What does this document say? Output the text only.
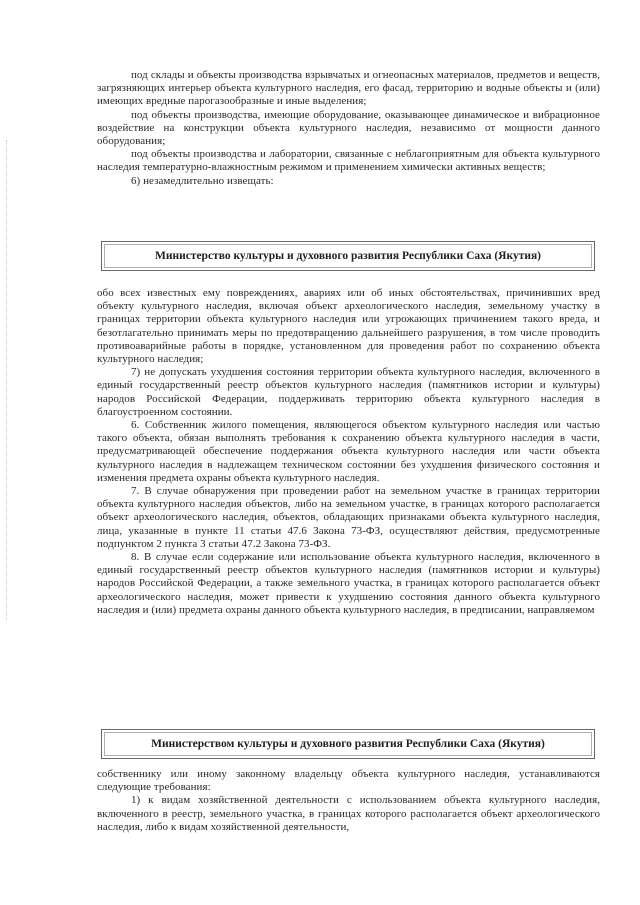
под склады и объекты производства взрывчатых и огнеопасных материалов, предметов и веществ, загрязняющих интерьер объекта культурного наследия, его фасад, территорию и водные объекты и (или) имеющих вредные парогазообразные и иные выделения;

под объекты производства, имеющие оборудование, оказывающее динамическое и вибрационное воздействие на конструкции объекта культурного наследия, независимо от мощности данного оборудования;

под объекты производства и лаборатории, связанные с неблагоприятным для объекта культурного наследия температурно-влажностным режимом и применением химически активных веществ;

6) незамедлительно извещать:

Министерство культуры и духовного развития Республики Саха (Якутия)

обо всех известных ему повреждениях, авариях или об иных обстоятельствах, причинивших вред объекту культурного наследия, включая объект археологического наследия, земельному участку в границах территории объекта культурного наследия или угрожающих причинением такого вреда, и безотлагательно принимать меры по предотвращению дальнейшего разрушения, в том числе проводить противоаварийные работы в порядке, установленном для проведения работ по сохранению объекта культурного наследия;

7) не допускать ухудшения состояния территории объекта культурного наследия, включенного в единый государственный реестр объектов культурного наследия (памятников истории и культуры) народов Российской Федерации, поддерживать территорию объекта культурного наследия в благоустроенном состоянии.

6. Собственник жилого помещения, являющегося объектом культурного наследия или частью такого объекта, обязан выполнять требования к сохранению объекта культурного наследия в части, предусматривающей обеспечение поддержания объекта культурного наследия или части объекта культурного наследия в надлежащем техническом состоянии без ухудшения физического состояния и изменения предмета охраны объекта культурного наследия.

7. В случае обнаружения при проведении работ на земельном участке в границах территории объекта культурного наследия объектов, либо на земельном участке, в границах которого располагается объект археологического наследия, объектов, обладающих признаками объекта культурного наследия, лица, указанные в пункте 11 статьи 47.6 Закона 73-ФЗ, осуществляют действия, предусмотренные подпунктом 2 пункта 3 статьи 47.2 Закона 73-ФЗ.

8. В случае если содержание или использование объекта культурного наследия, включенного в единый государственный реестр объектов культурного наследия (памятников истории и культуры) народов Российской Федерации, а также земельного участка, в границах которого располагается объект археологического наследия, может привести к ухудшению состояния данного объекта культурного наследия и (или) предмета охраны данного объекта культурного наследия, в предписании, направляемом

Министерством культуры и духовного развития Республики Саха (Якутия)

собственнику или иному законному владельцу объекта культурного наследия, устанавливаются следующие требования:

1) к видам хозяйственной деятельности с использованием объекта культурного наследия, включенного в реестр, земельного участка, в границах которого располагается объект археологического наследия, либо к видам хозяйственной деятельности,
